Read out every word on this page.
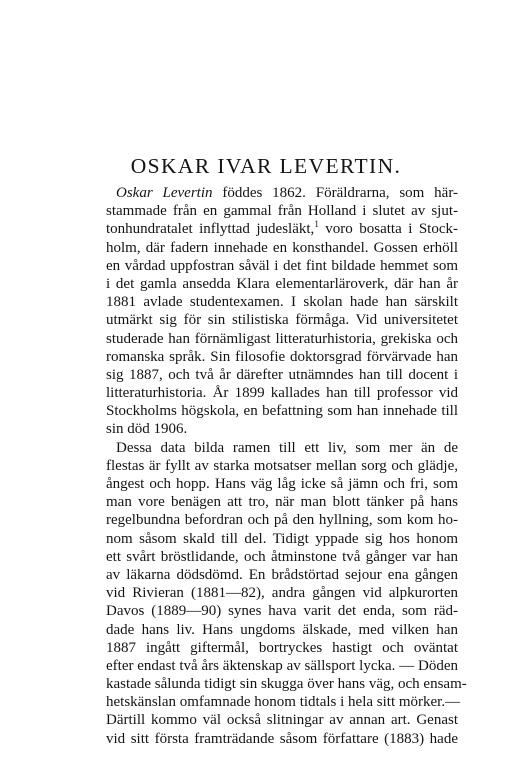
OSKAR IVAR LEVERTIN.
Oskar Levertin föddes 1862. Föräldrarna, som här-
stammade från en gammal från Holland i slutet av sjut-
tonhundratalet inflyttad judesläkt,$^1$ voro bosatta i Stock-
holm, där fadern innehade en konsthandel. Gossen erhöll
en vårdad uppfostran såväl i det fint bildade hemmet som
i det gamla ansedda Klara elementarläroverk, där han år
1881 avlade studentexamen. I skolan hade han särskilt
utmärkt sig för sin stilistiska förmåga. Vid universitetet
studerade han förnämligast litteraturhistoria, grekiska och
romanska språk. Sin filosofie doktorsgrad förvärvade han
sig 1887, och två år därefter utnämndes han till docent i
litteraturhistoria. År 1899 kallades han till professor vid
Stockholms högskola, en befattning som han innehade till
sin död 1906.
Dessa data bilda ramen till ett liv, som mer än de
flestas är fyllt av starka motsatser mellan sorg och glädje,
ångest och hopp. Hans väg låg icke så jämn och fri, som
man vore benägen att tro, när man blott tänker på hans
regelbundna befordran och på den hyllning, som kom ho-
nom såsom skald till del. Tidigt yppade sig hos honom
ett svårt bröstlidande, och åtminstone två gånger var han
av läkarna dödsdömd. En brådstörtad sejour ena gången
vid Rivieran (1881—82), andra gången vid alpkurorten
Davos (1889—90) synes hava varit det enda, som räd-
dade hans liv. Hans ungdoms älskade, med vilken han
1887 ingått giftermål, bortryckes hastigt och oväntat
efter endast två års äktenskap av sällsport lycka. — Döden
kastade sålunda tidigt sin skugga över hans väg, och ensam-
hetskänslan omfamnade honom tidtals i hela sitt mörker.—
Därtill kommo väl också slitningar av annan art. Genast
vid sitt första framträdande såsom författare (1883) hade
